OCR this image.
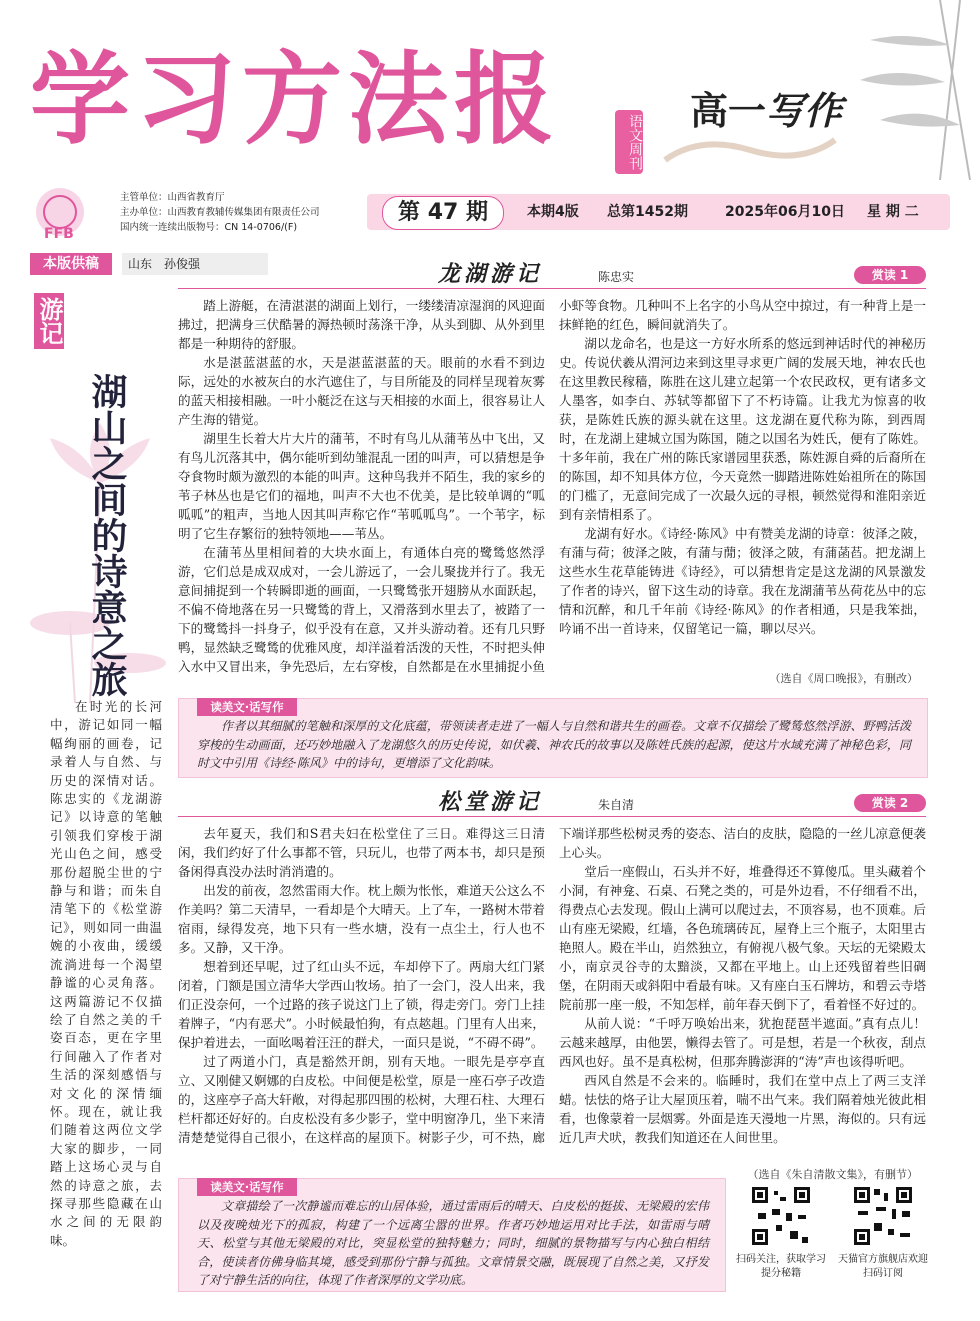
学习方法报	语文周刊
高一写作
FFB
主管单位：山西省教育厅
主办单位：山西教育教辅传媒集团有限责任公司
国内统一连续出版物号：CN 14-0706/(F)
第 47 期	本期4版 总第1452期	2025年06月10日 星 期 二
本版供稿	山东　孙俊强
游记
湖山之间的诗意之旅
在时光的长河中，游记如同一幅幅绚丽的画卷，记录着人与自然、与历史的深情对话。陈忠实的《龙湖游记》以诗意的笔触引领我们穿梭于湖光山色之间，感受那份超脱尘世的宁静与和谐；而朱自清笔下的《松堂游记》，则如同一曲温婉的小夜曲，缓缓流淌进每一个渴望静谧的心灵角落。这两篇游记不仅描绘了自然之美的千姿百态，更在字里行间融入了作者对生活的深刻感悟与对文化的深情缅怀。现在，就让我们随着这两位文学大家的脚步，一同踏上这场心灵与自然的诗意之旅，去探寻那些隐藏在山水之间的无限韵味。
龙湖游记	陈忠实	赏读 1

踏上游艇，在清湛湛的湖面上划行，一缕缕清凉湿润的风迎面拂过，把满身三伏酷暑的溽热顿时荡涤干净，从头到脚、从外到里都是一种期待的舒服。

水是湛蓝湛蓝的水，天是湛蓝湛蓝的天。眼前的水看不到边际，远处的水被灰白的水汽遮住了，与目所能及的同样呈现着灰雾的蓝天相接相融。一叶小艇泛在这与天相接的水面上，很容易让人产生海的错觉。

湖里生长着大片大片的蒲苇，不时有鸟儿从蒲苇丛中飞出，又有鸟儿沉落其中，偶尔能听到幼雏混乱一团的叫声，可以猜想是争夺食物时颇为激烈的本能的叫声。这种鸟我并不陌生，我的家乡的苇子林丛也是它们的福地，叫声不大也不优美，是比较单调的“呱呱呱”的粗声，当地人因其叫声称它作“苇呱呱鸟”。一个苇字，标明了它生存繁衍的独特领地——苇丛。

在蒲苇丛里相间着的大块水面上，有通体白亮的鹭鸶悠然浮游，它们总是成双成对，一会儿游远了，一会儿聚拢并行了。我无意间捕捉到一个转瞬即逝的画面，一只鹭鸶张开翅膀从水面跃起，不偏不倚地落在另一只鹭鸶的背上，又滑落到水里去了，被踏了一下的鹭鸶抖一抖身子，似乎没有在意，又并头游动着。还有几只野鸭，显然缺乏鹭鸶的优雅风度，却洋溢着活泼的天性，不时把头伸入水中又冒出来，争先恐后，左右穿梭，自然都是在水里捕捉小鱼小虾等食物。几种叫不上名字的小鸟从空中掠过，有一种背上是一抹鲜艳的红色，瞬间就消失了。

湖以龙命名，也是这一方好水所系的悠远到神话时代的神秘历史。传说伏羲从渭河边来到这里寻求更广阔的发展天地，神农氏也在这里教民稼穑，陈胜在这儿建立起第一个农民政权，更有诸多文人墨客，如李白、苏轼等都留下了不朽诗篇。让我尤为惊喜的收获，是陈姓氏族的源头就在这里。这龙湖在夏代称为陈，到西周时，在龙湖上建城立国为陈国，随之以国名为姓氏，便有了陈姓。十多年前，我在广州的陈氏家谱园里获悉，陈姓源自舜的后裔所在的陈国，却不知具体方位，今天竟然一脚踏进陈姓始祖所在的陈国的门槛了，无意间完成了一次最久远的寻根，顿然觉得和淮阳亲近到有亲情相系了。

龙湖有好水。《诗经·陈风》中有赞美龙湖的诗章：彼泽之陂，有蒲与荷；彼泽之陂，有蒲与蕑；彼泽之陂，有蒲菡萏。把龙湖上这些水生花草能铸进《诗经》，可以猜想肯定是这龙湖的风景激发了作者的诗兴，留下这生动的诗章。我在龙湖蒲苇丛荷花丛中的忘情和沉醉，和几千年前《诗经·陈风》的作者相通，只是我笨拙，吟诵不出一首诗来，仅留笔记一篇，聊以尽兴。

（选自《周口晚报》，有删改）
读美文·话写作
作者以其细腻的笔触和深厚的文化底蕴，带领读者走进了一幅人与自然和谐共生的画卷。文章不仅描绘了鹭鸶悠然浮游、野鸭活泼穿梭的生动画面，还巧妙地融入了龙湖悠久的历史传说，如伏羲、神农氏的故事以及陈姓氏族的起源，使这片水域充满了神秘色彩，同时文中引用《诗经·陈风》中的诗句，更增添了文化韵味。
松堂游记	朱自清	赏读 2

去年夏天，我们和S君夫妇在松堂住了三日。难得这三日清闲，我们约好了什么事都不管，只玩儿，也带了两本书，却只是预备闲得真没办法时消消遣的。

出发的前夜，忽然雷雨大作。枕上颇为怅怅，难道天公这么不作美吗？第二天清早，一看却是个大晴天。上了车，一路树木带着宿雨，绿得发亮，地下只有一些水塘，没有一点尘土，行人也不多。又静，又干净。

想着到还早呢，过了红山头不远，车却停下了。两扇大红门紧闭着，门额是国立清华大学西山牧场。拍了一会门，没人出来，我们正没奈何，一个过路的孩子说这门上了锁，得走旁门。旁门上挂着牌子，“内有恶犬”。小时候最怕狗，有点趑趄。门里有人出来，保护着进去，一面吆喝着汪汪的群犬，一面只是说，“不碍不碍”。

过了两道小门，真是豁然开朗，别有天地。一眼先是亭亭直立、又刚健又婀娜的白皮松。中间便是松堂，原是一座石亭子改造的，这座亭子高大轩敞，对得起那四围的松树，大理石柱、大理石栏杆都还好好的。白皮松没有多少影子，堂中明窗净几，坐下来清清楚楚觉得自己很小，在这样高的屋顶下。树影子少，可不热，廊下端详那些松树灵秀的姿态、洁白的皮肤，隐隐的一丝儿凉意便袭上心头。

堂后一座假山，石头并不好，堆叠得还不算傻瓜。里头藏着个小洞，有神龛、石桌、石凳之类的，可是外边看，不仔细看不出，得费点心去发现。假山上满可以爬过去，不顶容易，也不顶难。后山有座无梁殿，红墙，各色琉璃砖瓦，屋脊上三个瓶子，太阳里古艳照人。殿在半山，岿然独立，有俯视八极气象。天坛的无梁殿太小，南京灵谷寺的太黯淡，又都在平地上。山上还残留着些旧碉堡，在阴雨天或斜阳中看最有味。又有座白玉石牌坊，和碧云寺塔院前那一座一般，不知怎样，前年春天倒下了，看着怪不好过的。

从前人说：“千呼万唤始出来，犹抱琵琶半遮面。”真有点儿！云越来越厚，由他罢，懒得去管了。可是想，若是一个秋夜，刮点西风也好。虽不是真松树，但那奔腾澎湃的“涛”声也该得听吧。

西风自然是不会来的。临睡时，我们在堂中点上了两三支洋蜡。怯怯的烙子让大屋顶压着，喘不出气来。我们隔着烛光彼此相看，也像蒙着一层烟雾。外面是连天漫地一片黑，海似的。只有远近几声犬吠，教我们知道还在人间世里。

（选自《朱自清散文集》，有删节）
读美文·话写作
文章描绘了一次静谧而难忘的山居体验，通过雷雨后的晴天、白皮松的挺拔、无梁殿的宏伟以及夜晚烛光下的孤寂，构建了一个远离尘嚣的世界。作者巧妙地运用对比手法，如雷雨与晴天、松堂与其他无梁殿的对比，突显松堂的独特魅力；同时，细腻的景物描写与内心独白相结合，使读者仿佛身临其境，感受到那份宁静与孤独。文章情景交融，既展现了自然之美，又抒发了对宁静生活的向往，体现了作者深厚的文学功底。
扫码关注，获取学习提分秘籍
天猫官方旗舰店欢迎扫码订阅
